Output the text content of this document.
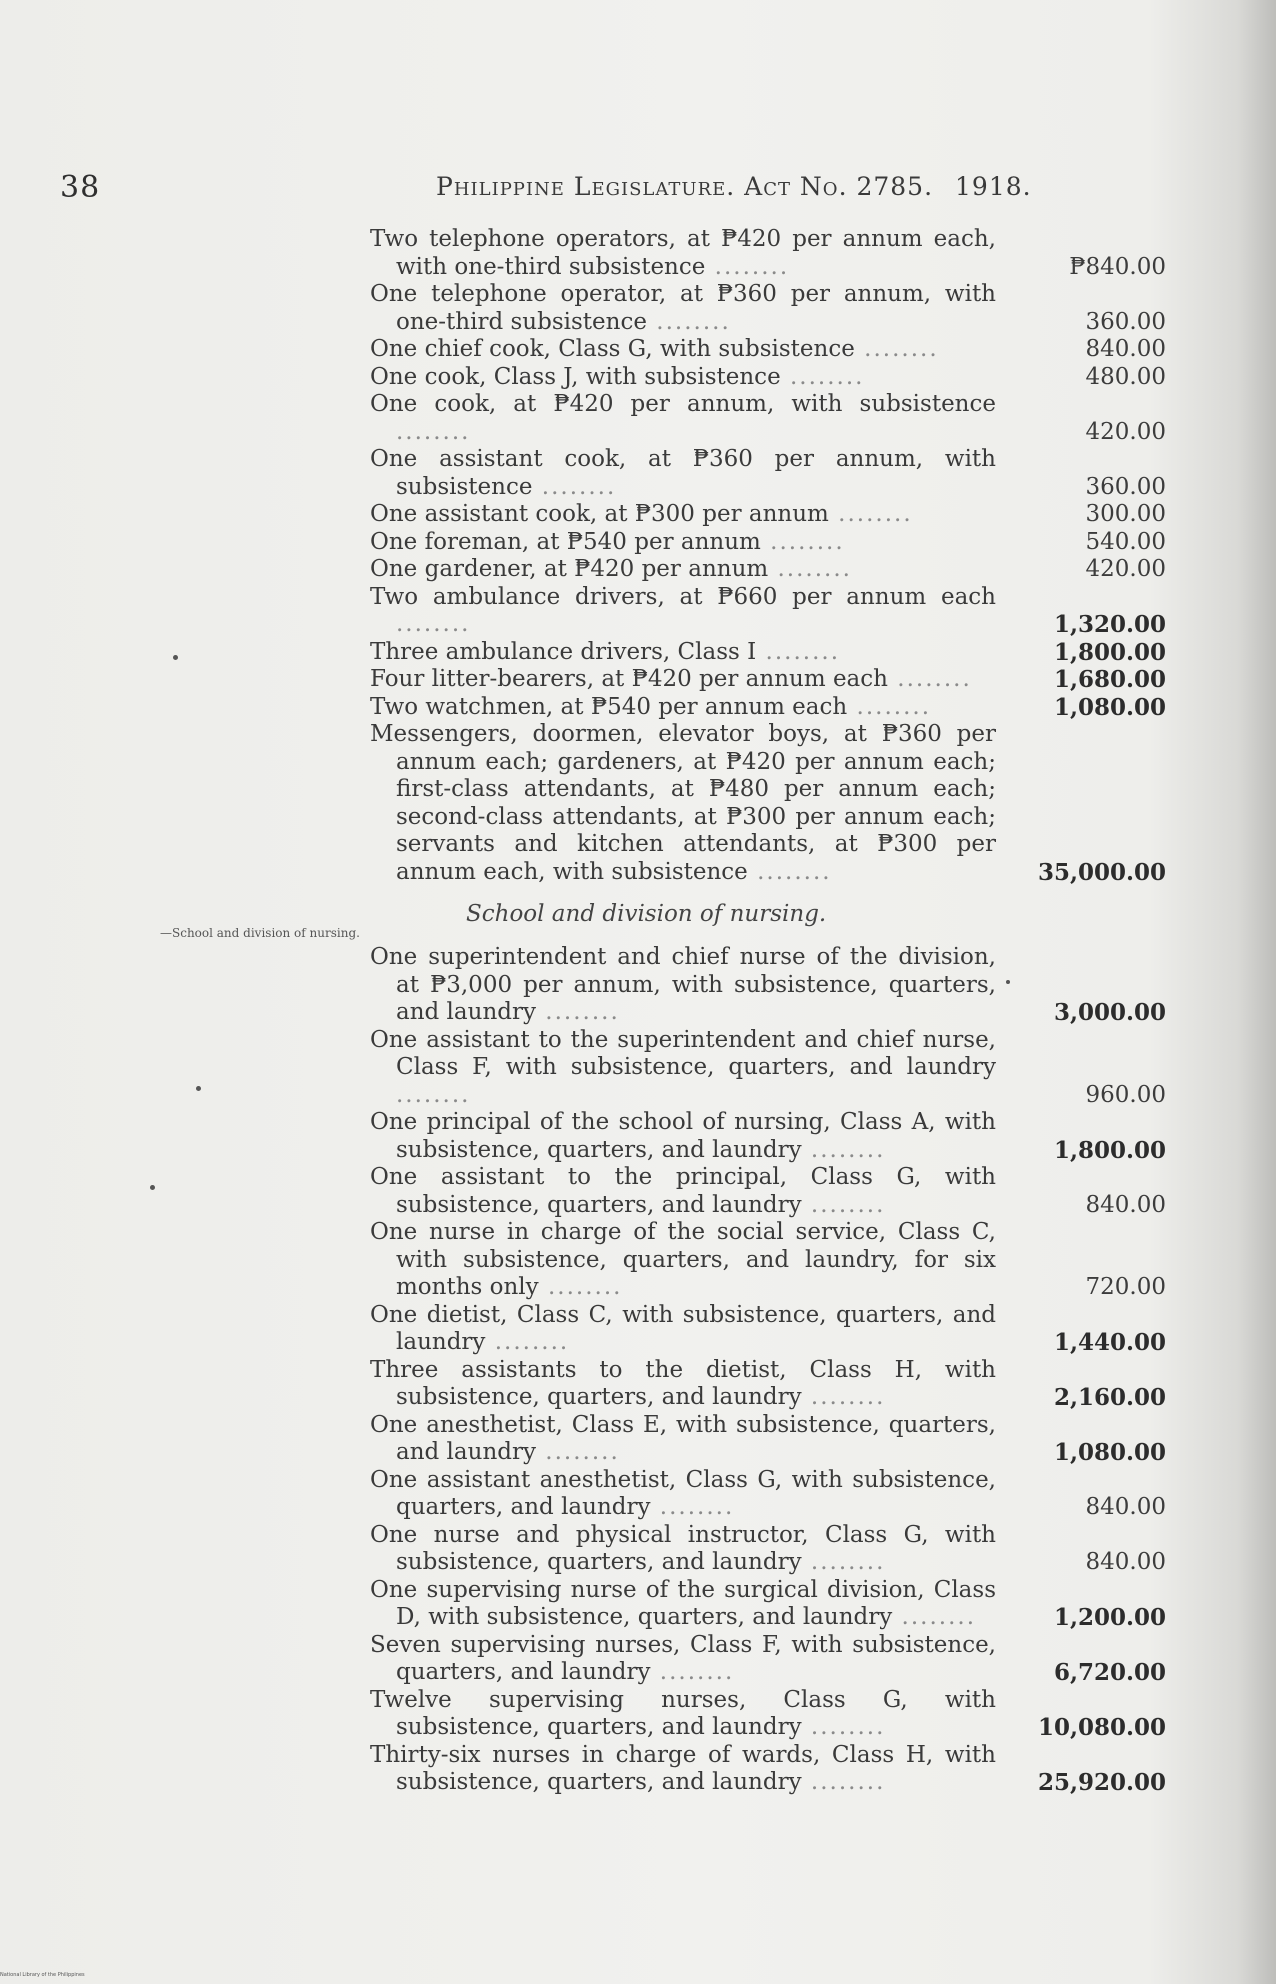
38	Philippine Legislature. Act No. 2785. 1918.
—School and division of nursing.
Two telephone operators, at ₱420 per annum each, with one-third subsistence ........	₱840.00
One telephone operator, at ₱360 per annum, with one-third subsistence ........	360.00
One chief cook, Class G, with subsistence ........	840.00
One cook, Class J, with subsistence ........	480.00
One cook, at ₱420 per annum, with subsistence ........	420.00
One assistant cook, at ₱360 per annum, with subsistence ........	360.00
One assistant cook, at ₱300 per annum ........	300.00
One foreman, at ₱540 per annum ........	540.00
One gardener, at ₱420 per annum ........	420.00
Two ambulance drivers, at ₱660 per annum each ........	1,320.00
Three ambulance drivers, Class I ........	1,800.00
Four litter-bearers, at ₱420 per annum each ........	1,680.00
Two watchmen, at ₱540 per annum each ........	1,080.00
Messengers, doormen, elevator boys, at ₱360 per annum each; gardeners, at ₱420 per annum each; first-class attendants, at ₱480 per annum each; second-class attendants, at ₱300 per annum each; servants and kitchen attendants, at ₱300 per annum each, with subsistence ........	35,000.00
School and division of nursing.
One superintendent and chief nurse of the division, at ₱3,000 per annum, with subsistence, quarters, and laundry ........	3,000.00
One assistant to the superintendent and chief nurse, Class F, with subsistence, quarters, and laundry ........	960.00
One principal of the school of nursing, Class A, with subsistence, quarters, and laundry ........	1,800.00
One assistant to the principal, Class G, with subsistence, quarters, and laundry ........	840.00
One nurse in charge of the social service, Class C, with subsistence, quarters, and laundry, for six months only ........	720.00
One dietist, Class C, with subsistence, quarters, and laundry ........	1,440.00
Three assistants to the dietist, Class H, with subsistence, quarters, and laundry ........	2,160.00
One anesthetist, Class E, with subsistence, quarters, and laundry ........	1,080.00
One assistant anesthetist, Class G, with subsistence, quarters, and laundry ........	840.00
One nurse and physical instructor, Class G, with subsistence, quarters, and laundry ........	840.00
One supervising nurse of the surgical division, Class D, with subsistence, quarters, and laundry ........	1,200.00
Seven supervising nurses, Class F, with subsistence, quarters, and laundry ........	6,720.00
Twelve supervising nurses, Class G, with subsistence, quarters, and laundry ........	10,080.00
Thirty-six nurses in charge of wards, Class H, with subsistence, quarters, and laundry ........	25,920.00
National Library of the Philippines
